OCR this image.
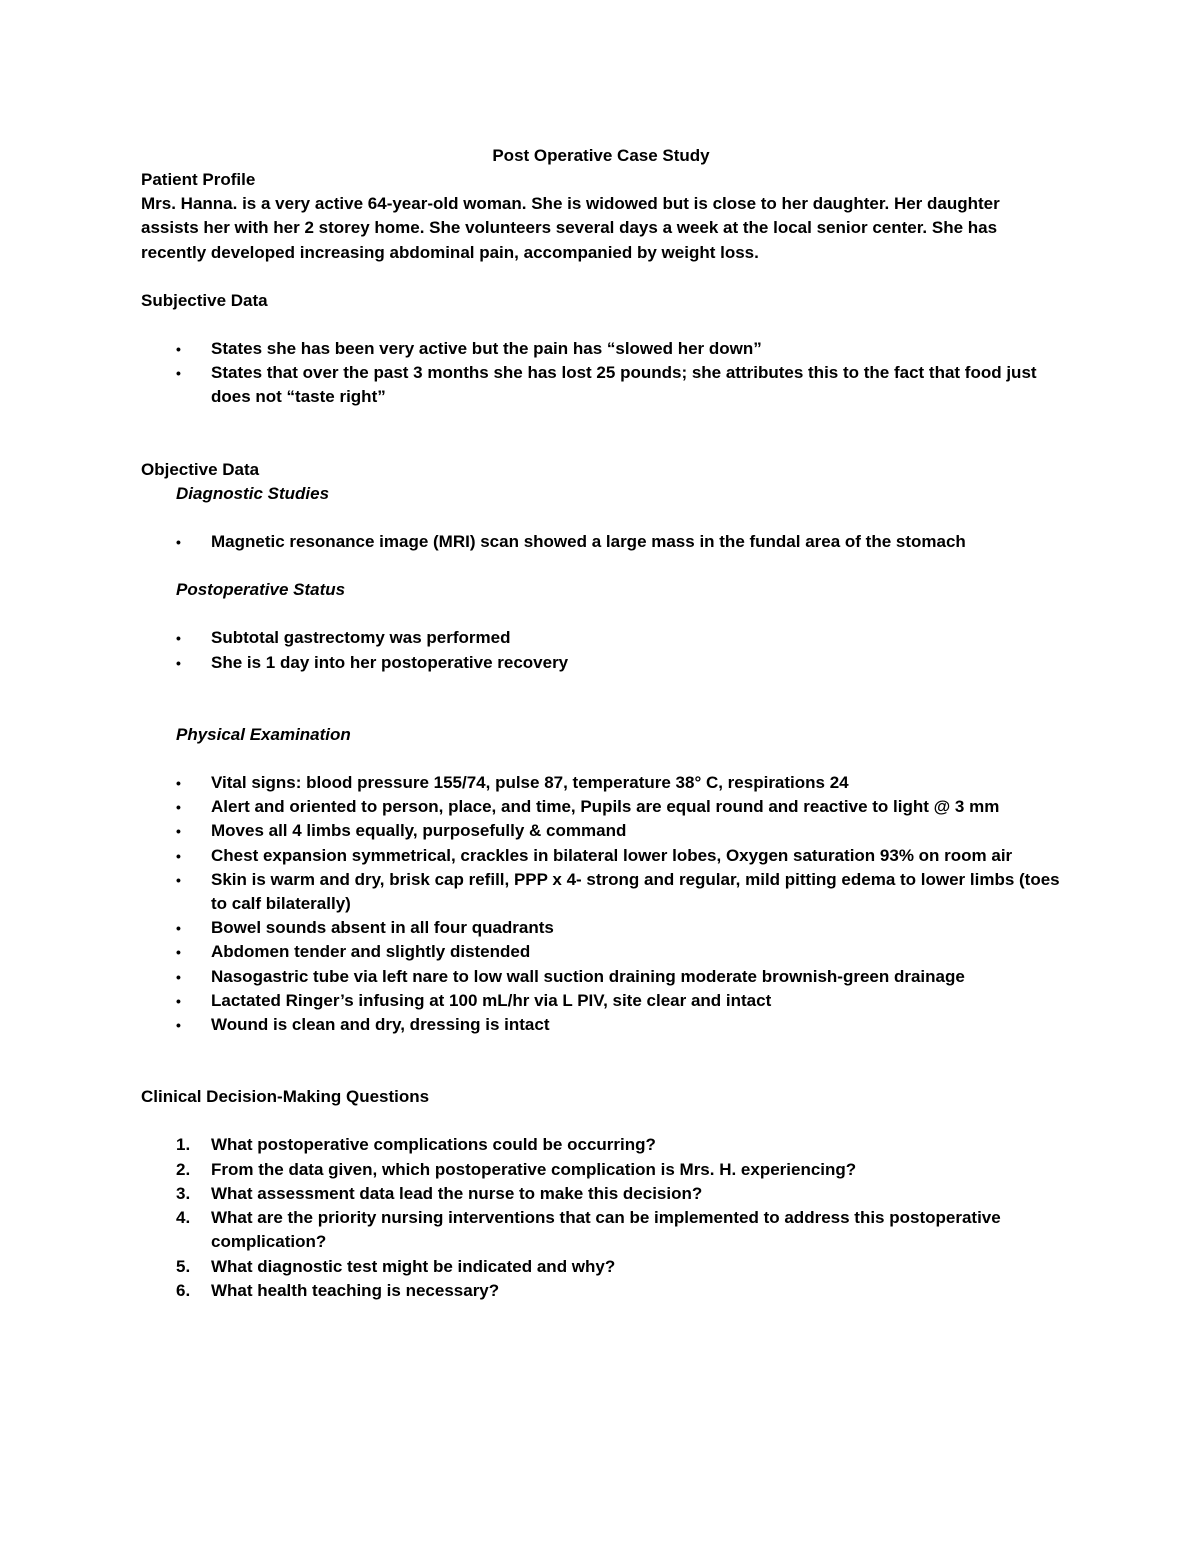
Post Operative Case Study

Patient Profile

Mrs. Hanna. is a very active 64-year-old woman. She is widowed but is close to her daughter. Her daughter assists her with her 2 storey home. She volunteers several days a week at the local senior center. She has recently developed increasing abdominal pain, accompanied by weight loss.

Subjective Data

• States she has been very active but the pain has “slowed her down”
• States that over the past 3 months she has lost 25 pounds; she attributes this to the fact that food just does not “taste right”

Objective Data

Diagnostic Studies

• Magnetic resonance image (MRI) scan showed a large mass in the fundal area of the stomach

Postoperative Status

• Subtotal gastrectomy was performed
• She is 1 day into her postoperative recovery

Physical Examination

• Vital signs: blood pressure 155/74, pulse 87, temperature 38° C, respirations 24
• Alert and oriented to person, place, and time, Pupils are equal round and reactive to light @ 3 mm
• Moves all 4 limbs equally, purposefully & command
• Chest expansion symmetrical, crackles in bilateral lower lobes, Oxygen saturation 93% on room air
• Skin is warm and dry, brisk cap refill, PPP x 4- strong and regular, mild pitting edema to lower limbs (toes to calf bilaterally)
• Bowel sounds absent in all four quadrants
• Abdomen tender and slightly distended
• Nasogastric tube via left nare to low wall suction draining moderate brownish-green drainage
• Lactated Ringer’s infusing at 100 mL/hr via L PIV, site clear and intact
• Wound is clean and dry, dressing is intact

Clinical Decision-Making Questions

1. What postoperative complications could be occurring?
2. From the data given, which postoperative complication is Mrs. H. experiencing?
3. What assessment data lead the nurse to make this decision?
4. What are the priority nursing interventions that can be implemented to address this postoperative complication?
5. What diagnostic test might be indicated and why?
6. What health teaching is necessary?
